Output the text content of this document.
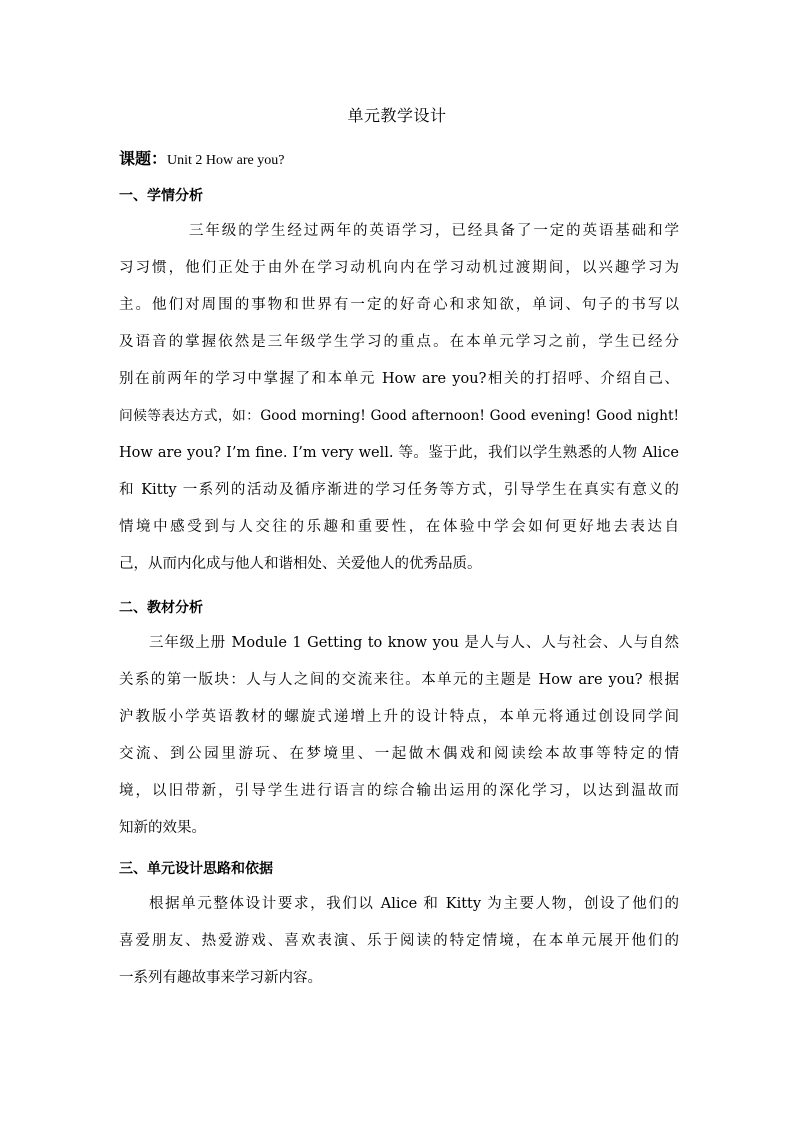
单元教学设计
课题：Unit 2 How are you?
一、学情分析
三年级的学生经过两年的英语学习，已经具备了一定的英语基础和学
习习惯，他们正处于由外在学习动机向内在学习动机过渡期间，以兴趣学习为
主。他们对周围的事物和世界有一定的好奇心和求知欲，单词、句子的书写以
及语音的掌握依然是三年级学生学习的重点。在本单元学习之前，学生已经分
别在前两年的学习中掌握了和本单元 How are you?相关的打招呼、介绍自己、
问候等表达方式，如：Good morning! Good afternoon! Good evening! Good night!
How are you? I’m fine. I’m very well. 等。鉴于此，我们以学生熟悉的人物 Alice
和 Kitty 一系列的活动及循序渐进的学习任务等方式，引导学生在真实有意义的
情境中感受到与人交往的乐趣和重要性，在体验中学会如何更好地去表达自
己，从而内化成与他人和谐相处、关爱他人的优秀品质。
二、教材分析
三年级上册 Module 1 Getting to know you 是人与人、人与社会、人与自然
关系的第一版块：人与人之间的交流来往。本单元的主题是 How are you? 根据
沪教版小学英语教材的螺旋式递增上升的设计特点，本单元将通过创设同学间
交流、到公园里游玩、在梦境里、一起做木偶戏和阅读绘本故事等特定的情
境，以旧带新，引导学生进行语言的综合输出运用的深化学习，以达到温故而
知新的效果。
三、单元设计思路和依据
根据单元整体设计要求，我们以 Alice 和 Kitty 为主要人物，创设了他们的
喜爱朋友、热爱游戏、喜欢表演、乐于阅读的特定情境，在本单元展开他们的
一系列有趣故事来学习新内容。
